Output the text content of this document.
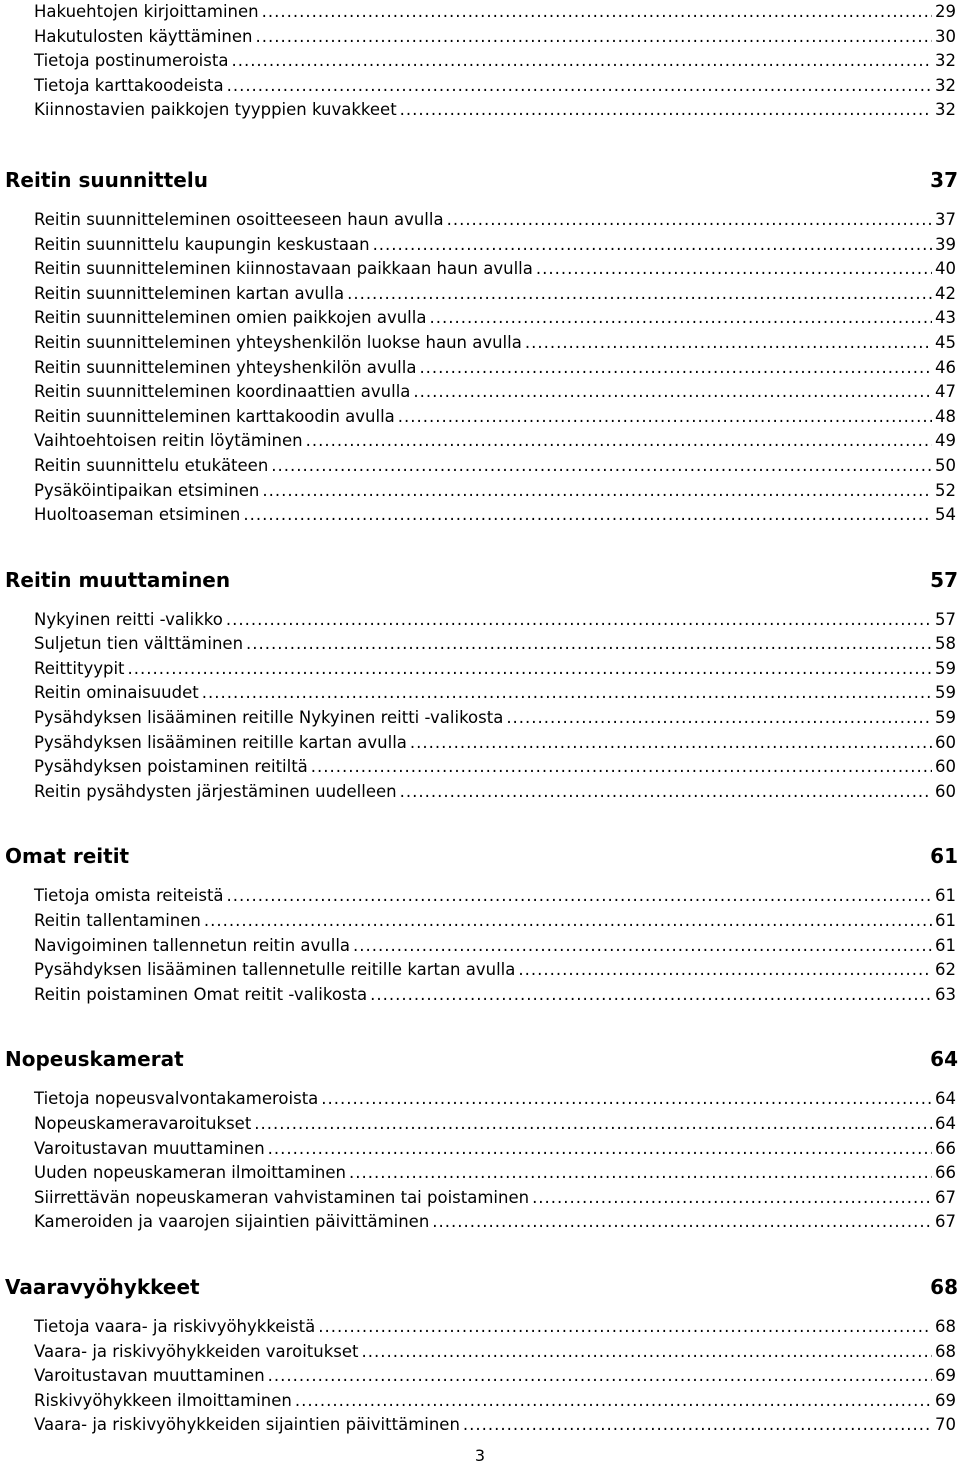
Hakuehtojen kirjoittaminen .....	29
Hakutulosten käyttäminen .....	30
Tietoja postinumeroista .....	32
Tietoja karttakoodeista .....	32
Kiinnostavien paikkojen tyyppien kuvakkeet .....	32
Reitin suunnittelu	37
Reitin suunnitteleminen osoitteeseen haun avulla .....	37
Reitin suunnittelu kaupungin keskustaan .....	39
Reitin suunnitteleminen kiinnostavaan paikkaan haun avulla .....	40
Reitin suunnitteleminen kartan avulla .....	42
Reitin suunnitteleminen omien paikkojen avulla .....	43
Reitin suunnitteleminen yhteyshenkilön luokse haun avulla .....	45
Reitin suunnitteleminen yhteyshenkilön avulla .....	46
Reitin suunnitteleminen koordinaattien avulla .....	47
Reitin suunnitteleminen karttakoodin avulla .....	48
Vaihtoehtoisen reitin löytäminen .....	49
Reitin suunnittelu etukäteen .....	50
Pysäköintipaikan etsiminen .....	52
Huoltoaseman etsiminen .....	54
Reitin muuttaminen	57
Nykyinen reitti -valikko .....	57
Suljetun tien välttäminen .....	58
Reittityypit .....	59
Reitin ominaisuudet .....	59
Pysähdyksen lisääminen reitille Nykyinen reitti -valikosta .....	59
Pysähdyksen lisääminen reitille kartan avulla .....	60
Pysähdyksen poistaminen reitiltä .....	60
Reitin pysähdysten järjestäminen uudelleen .....	60
Omat reitit	61
Tietoja omista reiteistä .....	61
Reitin tallentaminen .....	61
Navigoiminen tallennetun reitin avulla .....	61
Pysähdyksen lisääminen tallennetulle reitille kartan avulla .....	62
Reitin poistaminen Omat reitit -valikosta .....	63
Nopeuskamerat	64
Tietoja nopeusvalvontakameroista .....	64
Nopeuskameravaroitukset .....	64
Varoitustavan muuttaminen .....	66
Uuden nopeuskameran ilmoittaminen .....	66
Siirrettävän nopeuskameran vahvistaminen tai poistaminen .....	67
Kameroiden ja vaarojen sijaintien päivittäminen .....	67
Vaaravyöhykkeet	68
Tietoja vaara- ja riskivyöhykkeistä .....	68
Vaara- ja riskivyöhykkeiden varoitukset .....	68
Varoitustavan muuttaminen .....	69
Riskivyöhykkeen ilmoittaminen .....	69
Vaara- ja riskivyöhykkeiden sijaintien päivittäminen .....	70
3
